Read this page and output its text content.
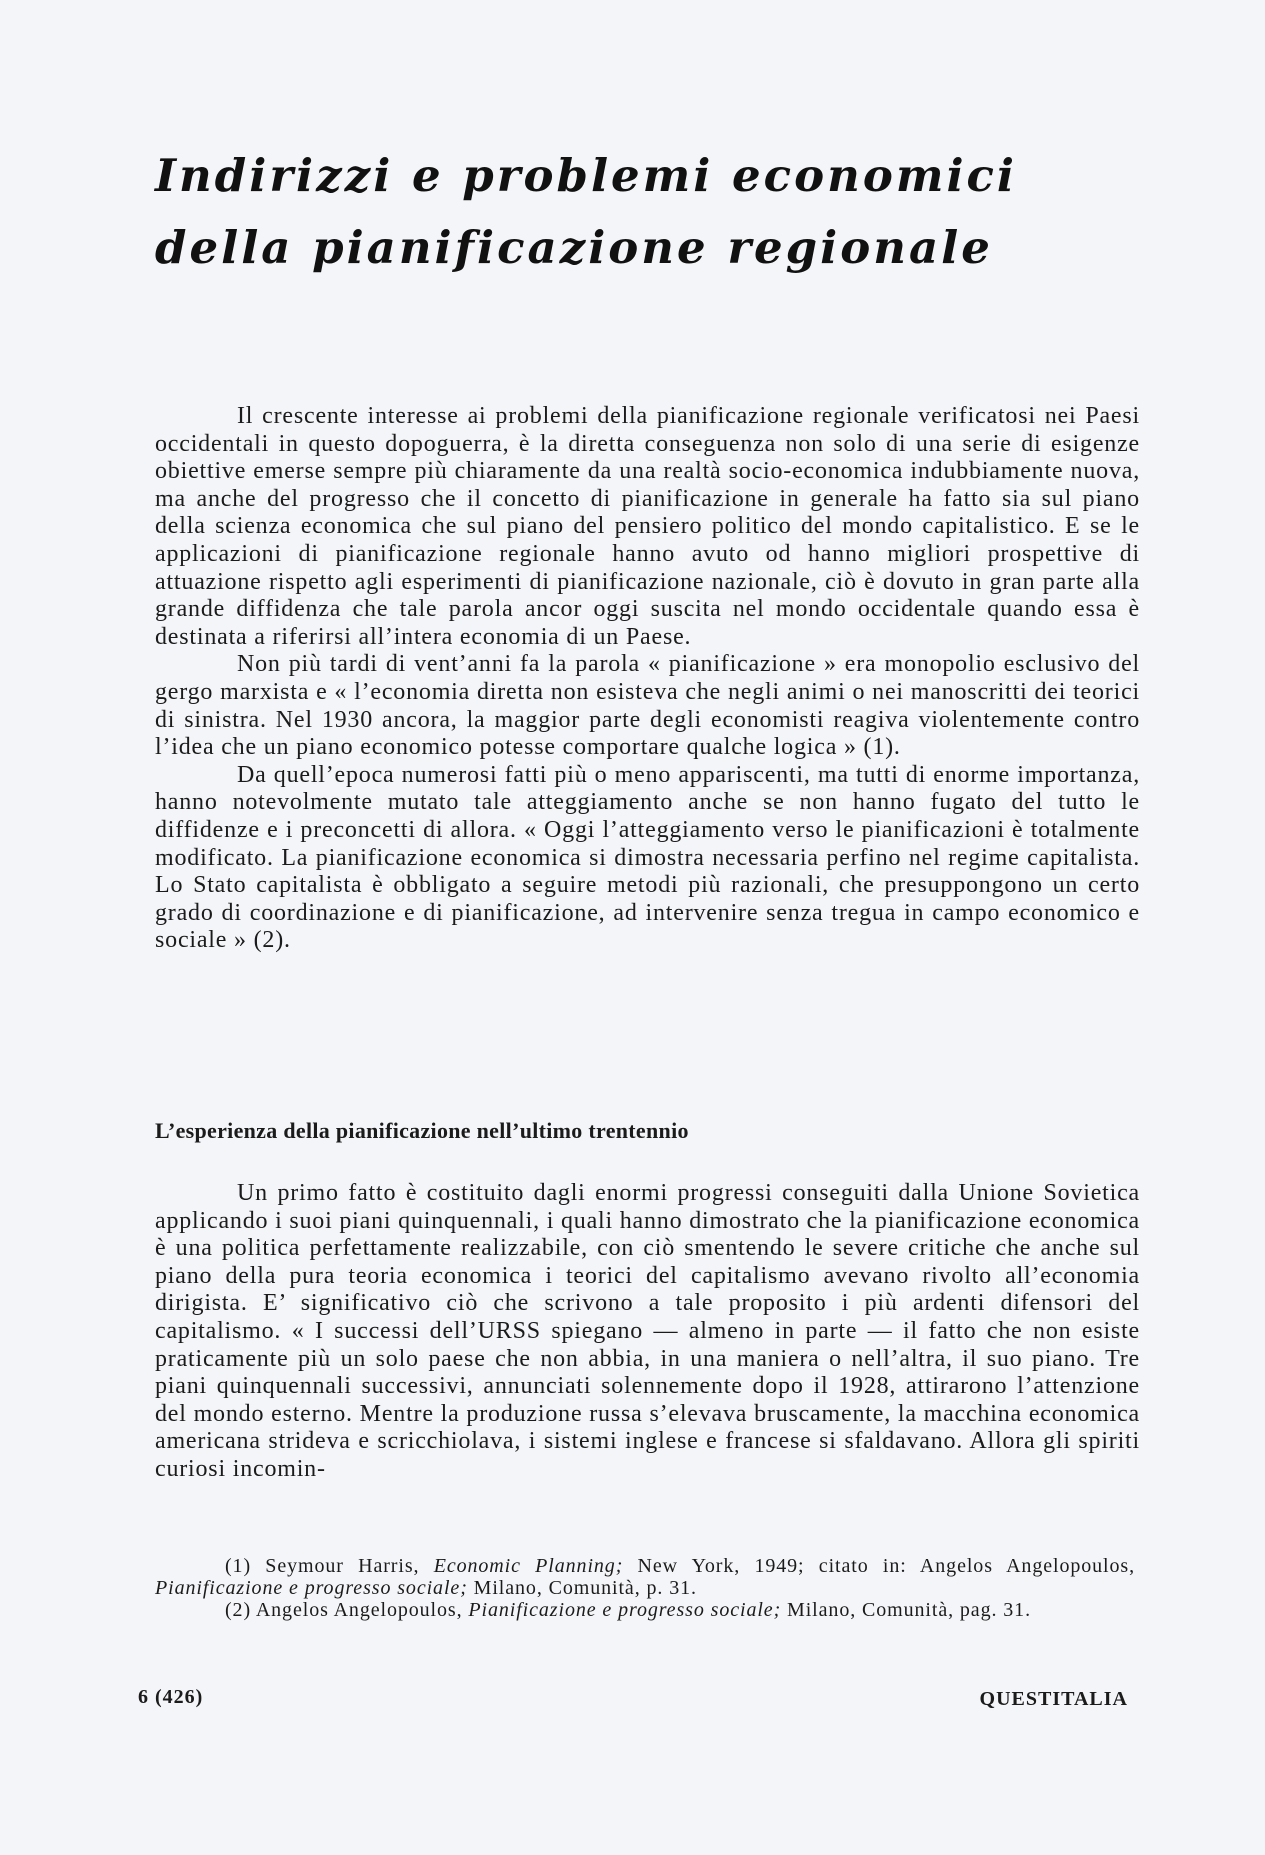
Indirizzi e problemi economici
della pianificazione regionale

Il crescente interesse ai problemi della pianificazione regionale verificatosi nei Paesi occidentali in questo dopoguerra, è la diretta conseguenza non solo di una serie di esigenze obiettive emerse sempre più chiaramente da una realtà socio-economica indubbiamente nuova, ma anche del progresso che il concetto di pianificazione in generale ha fatto sia sul piano della scienza economica che sul piano del pensiero politico del mondo capitalistico. E se le applicazioni di pianificazione regionale hanno avuto od hanno migliori prospettive di attuazione rispetto agli esperimenti di pianificazione nazionale, ciò è dovuto in gran parte alla grande diffidenza che tale parola ancor oggi suscita nel mondo occidentale quando essa è destinata a riferirsi all’intera economia di un Paese.

Non più tardi di vent’anni fa la parola « pianificazione » era monopolio esclusivo del gergo marxista e « l’economia diretta non esisteva che negli animi o nei manoscritti dei teorici di sinistra. Nel 1930 ancora, la maggior parte degli economisti reagiva violentemente contro l’idea che un piano economico potesse comportare qualche logica » (1).

Da quell’epoca numerosi fatti più o meno appariscenti, ma tutti di enorme importanza, hanno notevolmente mutato tale atteggiamento anche se non hanno fugato del tutto le diffidenze e i preconcetti di allora. « Oggi l’atteggiamento verso le pianificazioni è totalmente modificato. La pianificazione economica si dimostra necessaria perfino nel regime capitalista. Lo Stato capitalista è obbligato a seguire metodi più razionali, che presuppongono un certo grado di coordinazione e di pianificazione, ad intervenire senza tregua in campo economico e sociale » (2).

L’esperienza della pianificazione nell’ultimo trentennio

Un primo fatto è costituito dagli enormi progressi conseguiti dalla Unione Sovietica applicando i suoi piani quinquennali, i quali hanno dimostrato che la pianificazione economica è una politica perfettamente realizzabile, con ciò smentendo le severe critiche che anche sul piano della pura teoria economica i teorici del capitalismo avevano rivolto all’economia dirigista. E’ significativo ciò che scrivono a tale proposito i più ardenti difensori del capitalismo. « I successi dell’URSS spiegano — almeno in parte — il fatto che non esiste praticamente più un solo paese che non abbia, in una maniera o nell’altra, il suo piano. Tre piani quinquennali successivi, annunciati solennemente dopo il 1928, attirarono l’attenzione del mondo esterno. Mentre la produzione russa s’elevava bruscamente, la macchina economica americana strideva e scricchiolava, i sistemi inglese e francese si sfaldavano. Allora gli spiriti curiosi incomin-

(1) Seymour Harris, Economic Planning; New York, 1949; citato in: Angelos Angelopoulos, Pianificazione e progresso sociale; Milano, Comunità, p. 31.

(2) Angelos Angelopoulos, Pianificazione e progresso sociale; Milano, Comunità, pag. 31.

6 (426)	QUESTITALIA
